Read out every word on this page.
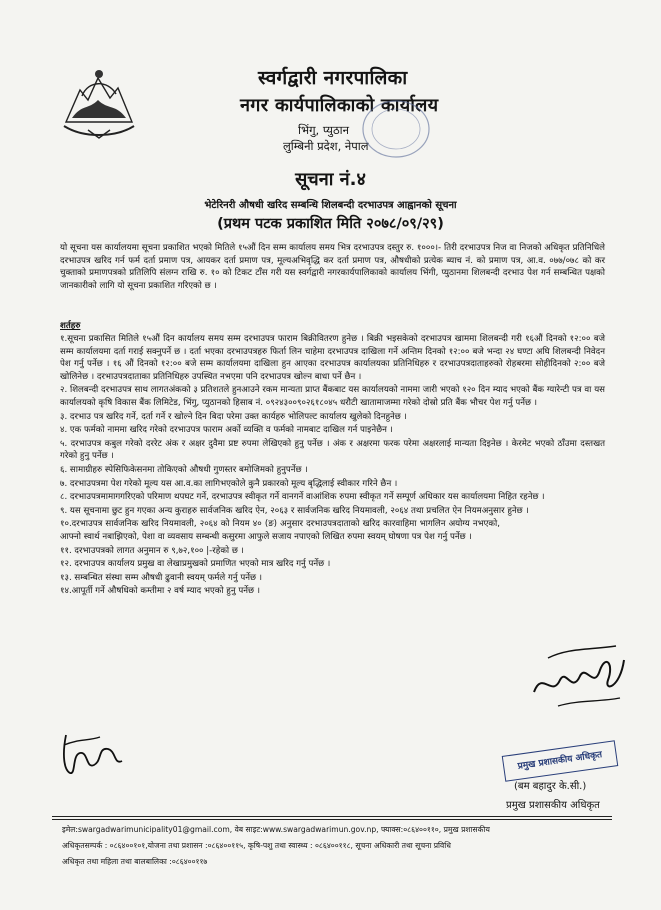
स्वर्गद्वारी नगरपालिका
नगर कार्यपालिकाको कार्यालय
भिंगु, प्युठान
लुम्बिनी प्रदेश, नेपाल
सूचना नं.४
भेटेरिनरी औषधी खरिद सम्बन्धि शिलबन्दी दरभाउपत्र आह्वानको सूचना
(प्रथम पटक प्रकाशित मिति २०७८/०९/२९)
यो सूचना यस कार्यालयमा सूचना प्रकाशित भएको मितिले १५औं दिन सम्म कार्यालय समय भित्र दरभाउपत्र दस्तुर रु. १०००।- तिरी दरभाउपत्र निज वा निजको अधिकृत प्रतिनिधिले दरभाउपत्र खरिद गर्न फर्म दर्ता प्रमाण पत्र, आयकर दर्ता प्रमाण पत्र, मूल्यअभिवृद्धि कर दर्ता प्रमाण पत्र, औषधीको प्रत्येक ब्याच नं. को प्रमाण पत्र, आ.व. ०७७/०७८ को कर चुक्ताको प्रमाणपत्रको प्रतिलिपि संलग्न राखि रु. १० को टिकट टाँस गरी यस स्वर्गद्वारी नगरकार्यपालिकाको कार्यालय भिंगी, प्युठानमा शिलबन्दी दरभाउ पेश गर्न सम्बन्धित पक्षको जानकारीको लागि यो सूचना प्रकाशित गरिएको छ ।
शर्तहरु

१.सूचना प्रकासित मितिले १५औं दिन कार्यालय समय सम्म दरभाउपत्र फाराम बिक्रीवितरण हुनेछ । बिक्री भइसकेको दरभाउपत्र खाममा शिलबन्दी गरी १६औं दिनको १२:०० बजे सम्म कार्यालयमा दर्ता गराई सक्नुपर्ने छ । दर्ता भएका दरभाउपत्रहरु फिर्ता लिन चाहेमा दरभाउपत्र दाखिला गर्ने अन्तिम दिनको १२:०० बजे भन्दा २४ घण्टा अघि शिलबन्दी निवेदन पेश गर्नु पर्नेछ । १६ औं दिनको १२:०० बजे सम्म कार्यालयमा दाखिला हुन आएका दरभाउपत्र कार्यालयका प्रतिनिधिहरु र दरभाउपत्रदाताहरुको रोहबरमा सोहीदिनको २:०० बजे खोलिनेछ । दरभाउपत्रदाताका प्रतिनिधिहरु उपस्थित नभएमा पनि दरभाउपत्र खोल्न बाधा पर्ने छैन ।

२. शिलबन्दी दरभाउपत्र साथ लागतअंकको ३ प्रतिशतले हुनआउने रकम मान्यता प्राप्त बैंकबाट यस कार्यालयको नाममा जारी भएको १२० दिन म्याद भएको बैंक ग्यारेन्टी पत्र वा यस कार्यालयको कृषि विकास बैंक लिमिटेड, भिंगु, प्युठानको हिसाब नं. ०९२४३००९०२६१८०४५ धरौटी खातामाजम्मा गरेको दोस्रो प्रति बैंक भौचर पेश गर्नु पर्नेछ ।

३. दरभाउ पत्र खरिद गर्ने, दर्ता गर्ने र खोल्ने दिन बिदा परेमा उक्त कार्यहरु भोलिपल्ट कार्यालय खुलेको दिनहुनेछ ।

४. एक फर्मको नाममा खरिद गरेको दरभाउपत्र फाराम अर्को व्यक्ति व फर्मको नामबाट दाखिल गर्न पाइनेछैन ।

५. दरभाउपत्र कबुल गरेको दररेट अंक र अक्षर दुवैमा प्रष्ट रुपमा लेखिएको हुनु पर्नेछ । अंक र अक्षरमा फरक परेमा अक्षरलाई मान्यता दिइनेछ । केरमेट भएको ठाँउमा दस्तखत गरेको हुनु पर्नेछ ।

६. सामाग्रीहरु स्पेसिफिकेसनमा तोकिएको औषधी गुणस्तर बमोजिमको हुनुपर्नेछ ।

७. दरभाउपत्रमा पेश गरेको मूल्य यस आ.व.का लागिभएकोले कुनै प्रकारको मूल्य बृद्धिलाई स्वीकार गरिने छैन ।

८. दरभाउपत्रमामागगरिएको परिमाण थपघट गर्ने, दरभाउपत्र स्वीकृत गर्ने वानगर्ने वाआंशिक रुपमा स्वीकृत गर्ने सम्पूर्ण अधिकार यस कार्यालयमा निहित रहनेछ ।

९. यस सूचनामा छुट हुन गएका अन्य कुराहरु सार्वजनिक खरिद ऐन, २०६३ र सार्वजनिक खरिद नियमावली, २०६४ तथा प्रचलित ऐन नियमअनुसार हुनेछ ।

१०.दरभाउपत्र सार्वजनिक खरिद नियमावली, २०६४ को नियम ४० (ङ) अनुसार दरभाउपत्रदाताको खरिद कारवाहिमा भागलिन अयोग्य नभएको, आफ्नो स्वार्थ नबाझिएको, पेशा वा व्यवसाय सम्बन्धी कसुरमा आफुले सजाय नपाएको लिखित रुपमा स्वयम् घोषणा पत्र पेश गर्नु पर्नेछ ।

११. दरभाउपत्रको लागत अनुमान रु ९,७२,१०० |-रहेको छ ।

१२. दरभाउपत्र कार्यालय प्रमुख वा लेखाप्रमुखको प्रमाणित भएको मात्र खरिद गर्नु पर्नेछ ।

१३. सम्बन्धित संस्था सम्म औषधी ढुवानी स्वयम् फर्मले गर्नु पर्नेछ ।

१४.आपूर्ती गर्ने औषधिको कम्तीमा २ वर्ष म्याद भएको हुनु पर्नेछ ।

प्रमुख प्रशासकीय अधिकृत
(बम बहादुर के.सी.)
प्रमुख प्रशासकीय अधिकृत
इमेल:swargadwarimunicipality01@gmail.com, वेब साइट:www.swargadwarimun.gov.np, फ्याक्स:०८६४००११०, प्रमुख प्रशासकीय
अधिकृतसम्पर्क : ०८६४००१०१,योजना तथा प्रशासन :०८६४००११५, कृषि-पशु तथा स्वास्थ्य : ०८६४००११८, सूचना अधिकारी तथा सूचना प्रविधि
अधिकृत तथा महिला तथा बालबालिका :०८६४००११७
